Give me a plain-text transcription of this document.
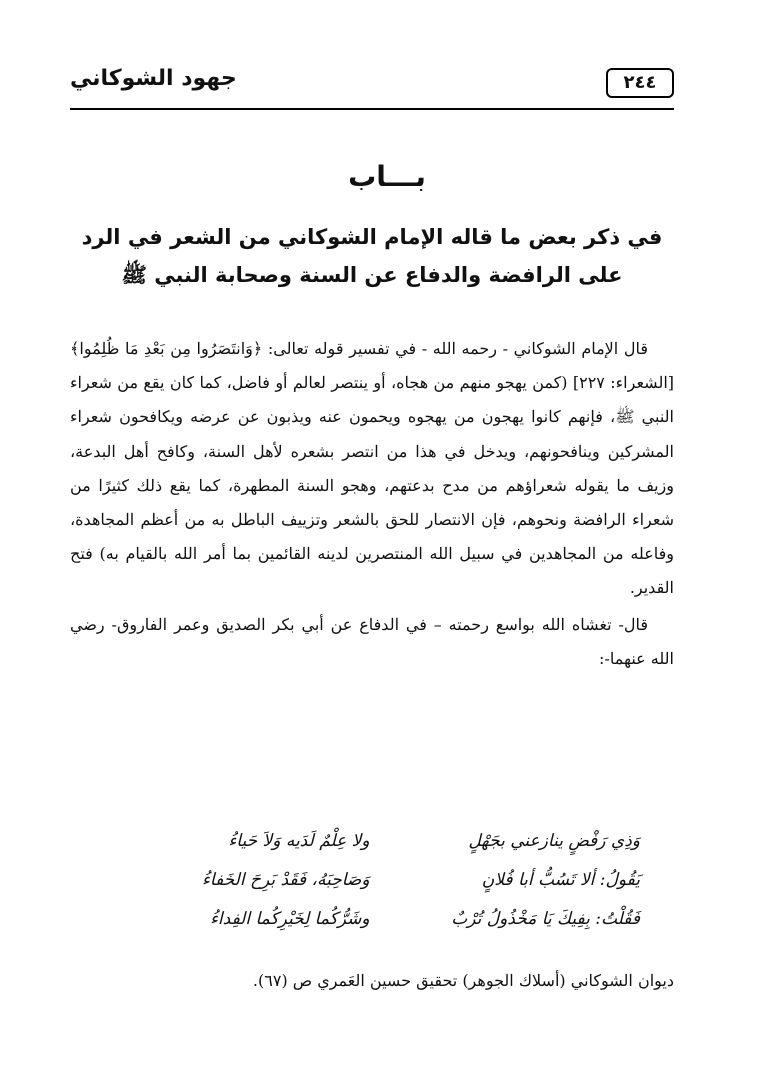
٢٤٤
جهود الشوكاني
بـــاب
في ذكر بعض ما قاله الإمام الشوكاني من الشعر في الرد
على الرافضة والدفاع عن السنة وصحابة النبي ﷺ

قال الإمام الشوكاني - رحمه الله - في تفسير قوله تعالى: ﴿وَانتَصَرُوا مِن بَعْدِ مَا ظُلِمُوا﴾ [الشعراء: ٢٢٧] (كمن يهجو منهم من هجاه، أو ينتصر لعالم أو فاضل، كما كان يقع من شعراء النبي ﷺ، فإنهم كانوا يهجون من يهجوه ويحمون عنه ويذبون عن عرضه ويكافحون شعراء المشركين وينافحونهم، ويدخل في هذا من انتصر بشعره لأهل السنة، وكافح أهل البدعة، وزيف ما يقوله شعراؤهم من مدح بدعتهم، وهجو السنة المطهرة، كما يقع ذلك كثيرًا من شعراء الرافضة ونحوهم، فإن الانتصار للحق بالشعر وتزييف الباطل به من أعظم المجاهدة، وفاعله من المجاهدين في سبيل الله المنتصرين لدينه القائمين بما أمر الله بالقيام به) فتح القدير.

قال- تغشاه الله بواسع رحمته – في الدفاع عن أبي بكر الصديق وعمر الفاروق- رضي الله عنهما-:

وَذِي رَفْضٍ ينازعني بجَهْلٍ
ولا عِلْمٌ لَدَيه وَلاَ حَياءُ
يَقُولُ: ألا تَسُبُّ أبا فُلانٍ
وَصَاحِبَهُ، فَقَدْ بَرِحَ الخَفاءُ
فَقُلْتُ: بِفِيكَ يَا مَخْذُولُ تُرْبٌ
وشَرُّكُما لِخَيْرِكُما الفِداءُ
ديوان الشوكاني (أسلاك الجوهر) تحقيق حسين العَمري ص (٦٧).
